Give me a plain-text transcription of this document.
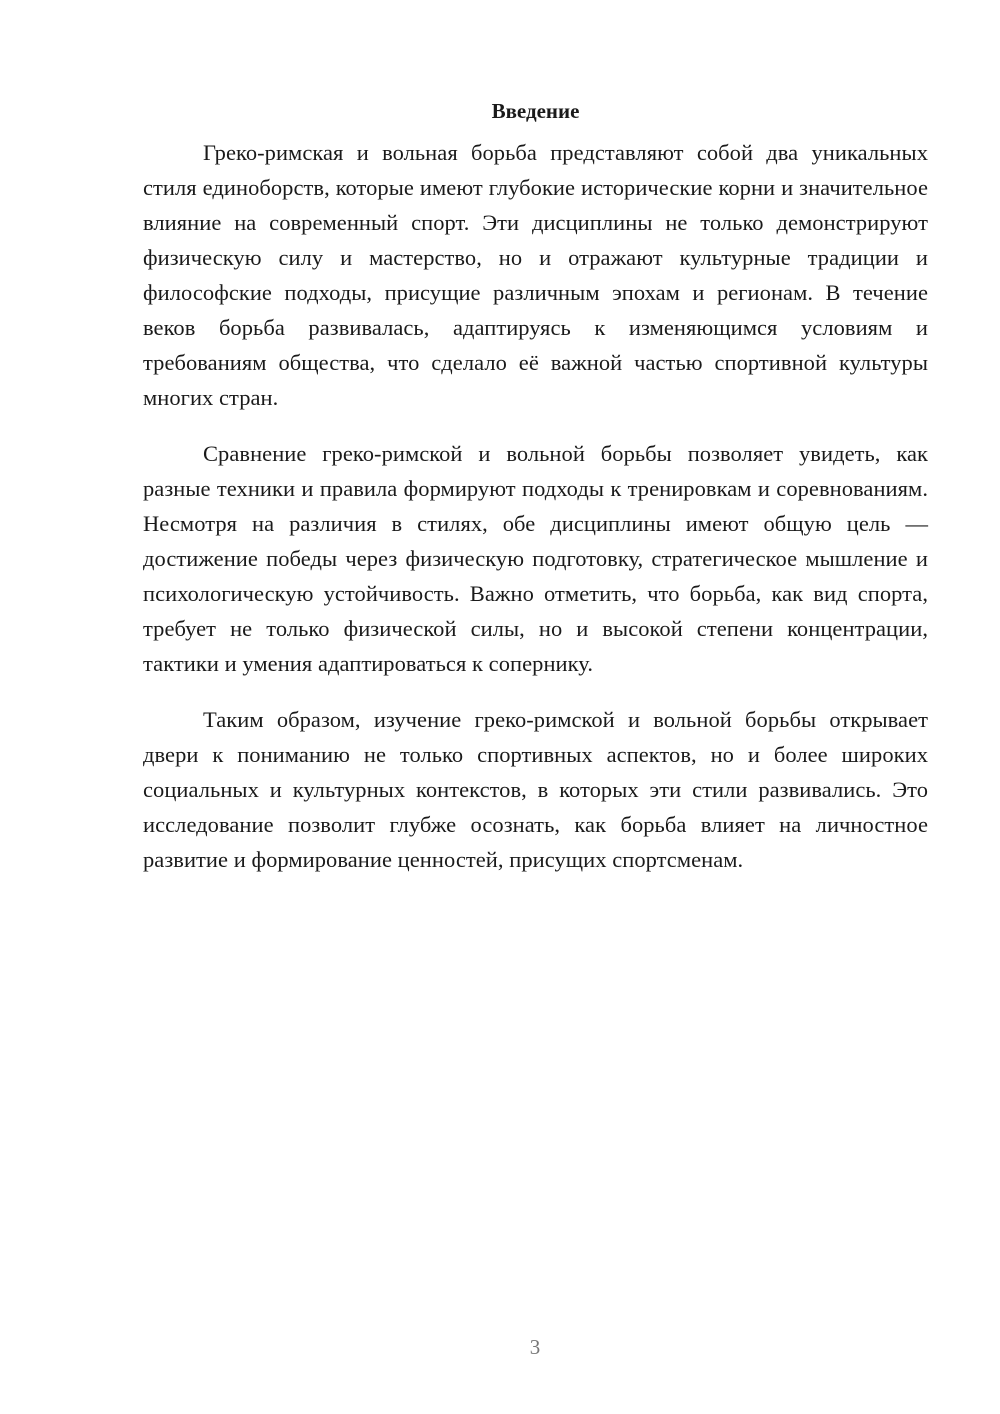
Введение

Греко-римская и вольная борьба представляют собой два уникальных стиля единоборств, которые имеют глубокие исторические корни и значительное влияние на современный спорт. Эти дисциплины не только демонстрируют физическую силу и мастерство, но и отражают культурные традиции и философские подходы, присущие различным эпохам и регионам. В течение веков борьба развивалась, адаптируясь к изменяющимся условиям и требованиям общества, что сделало её важной частью спортивной культуры многих стран.

Сравнение греко-римской и вольной борьбы позволяет увидеть, как разные техники и правила формируют подходы к тренировкам и соревнованиям. Несмотря на различия в стилях, обе дисциплины имеют общую цель — достижение победы через физическую подготовку, стратегическое мышление и психологическую устойчивость. Важно отметить, что борьба, как вид спорта, требует не только физической силы, но и высокой степени концентрации, тактики и умения адаптироваться к сопернику.

Таким образом, изучение греко-римской и вольной борьбы открывает двери к пониманию не только спортивных аспектов, но и более широких социальных и культурных контекстов, в которых эти стили развивались. Это исследование позволит глубже осознать, как борьба влияет на личностное развитие и формирование ценностей, присущих спортсменам.

3
